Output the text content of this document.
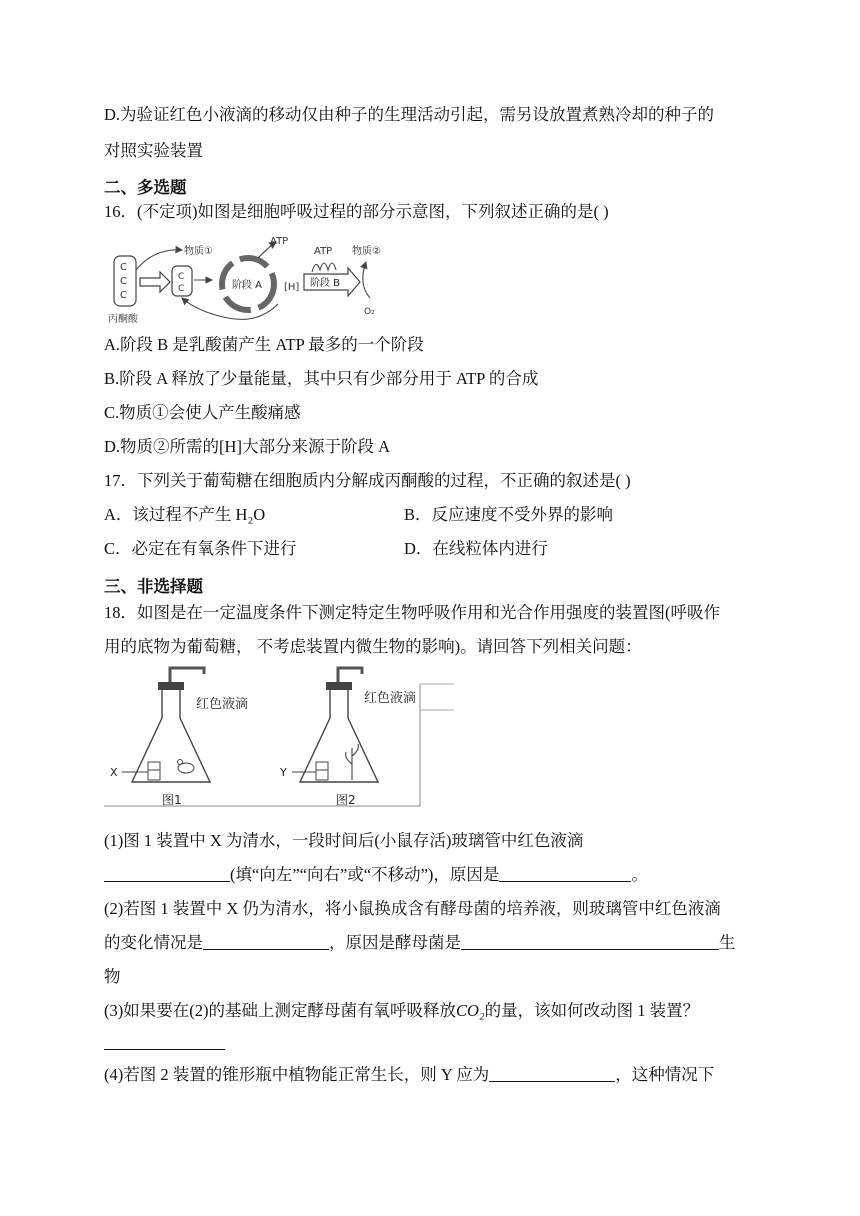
D.为验证红色小液滴的移动仅由种子的生理活动引起，需另设放置煮熟冷却的种子的
对照实验装置
二、多选题
16．(不定项)如图是细胞呼吸过程的部分示意图，下列叙述正确的是( )
C
C
C
丙酮酸
物质①
C
C	阶段 A
ATP
[H] 阶段 B
ATP 物质②
O₂
A.阶段 B 是乳酸菌产生 ATP 最多的一个阶段
B.阶段 A 释放了少量能量，其中只有少部分用于 ATP 的合成
C.物质①会使人产生酸痛感
D.物质②所需的[H]大部分来源于阶段 A
17．下列关于葡萄糖在细胞质内分解成丙酮酸的过程，不正确的叙述是( )
A．该过程不产生 H₂O	B．反应速度不受外界的影响
C．必定在有氧条件下进行	D．在线粒体内进行
三、非选择题
18．如图是在一定温度条件下测定特定生物呼吸作用和光合作用强度的装置图(呼吸作
用的底物为葡萄糖， 不考虑装置内微生物的影响)。请回答下列相关问题：
红色液滴
X
图1
红色液滴
Y
图2
(1)图 1 装置中 X 为清水，一段时间后(小鼠存活)玻璃管中红色液滴
(填“向左”“向右”或“不移动”)，原因是	。
(2)若图 1 装置中 X 仍为清水，将小鼠换成含有酵母菌的培养液，则玻璃管中红色液滴
的变化情况是	，原因是酵母菌是	生
物
(3)如果要在(2)的基础上测定酵母菌有氧呼吸释放CO₂的量，该如何改动图 1 装置？
(4)若图 2 装置的锥形瓶中植物能正常生长，则 Y 应为	，这种情况下
